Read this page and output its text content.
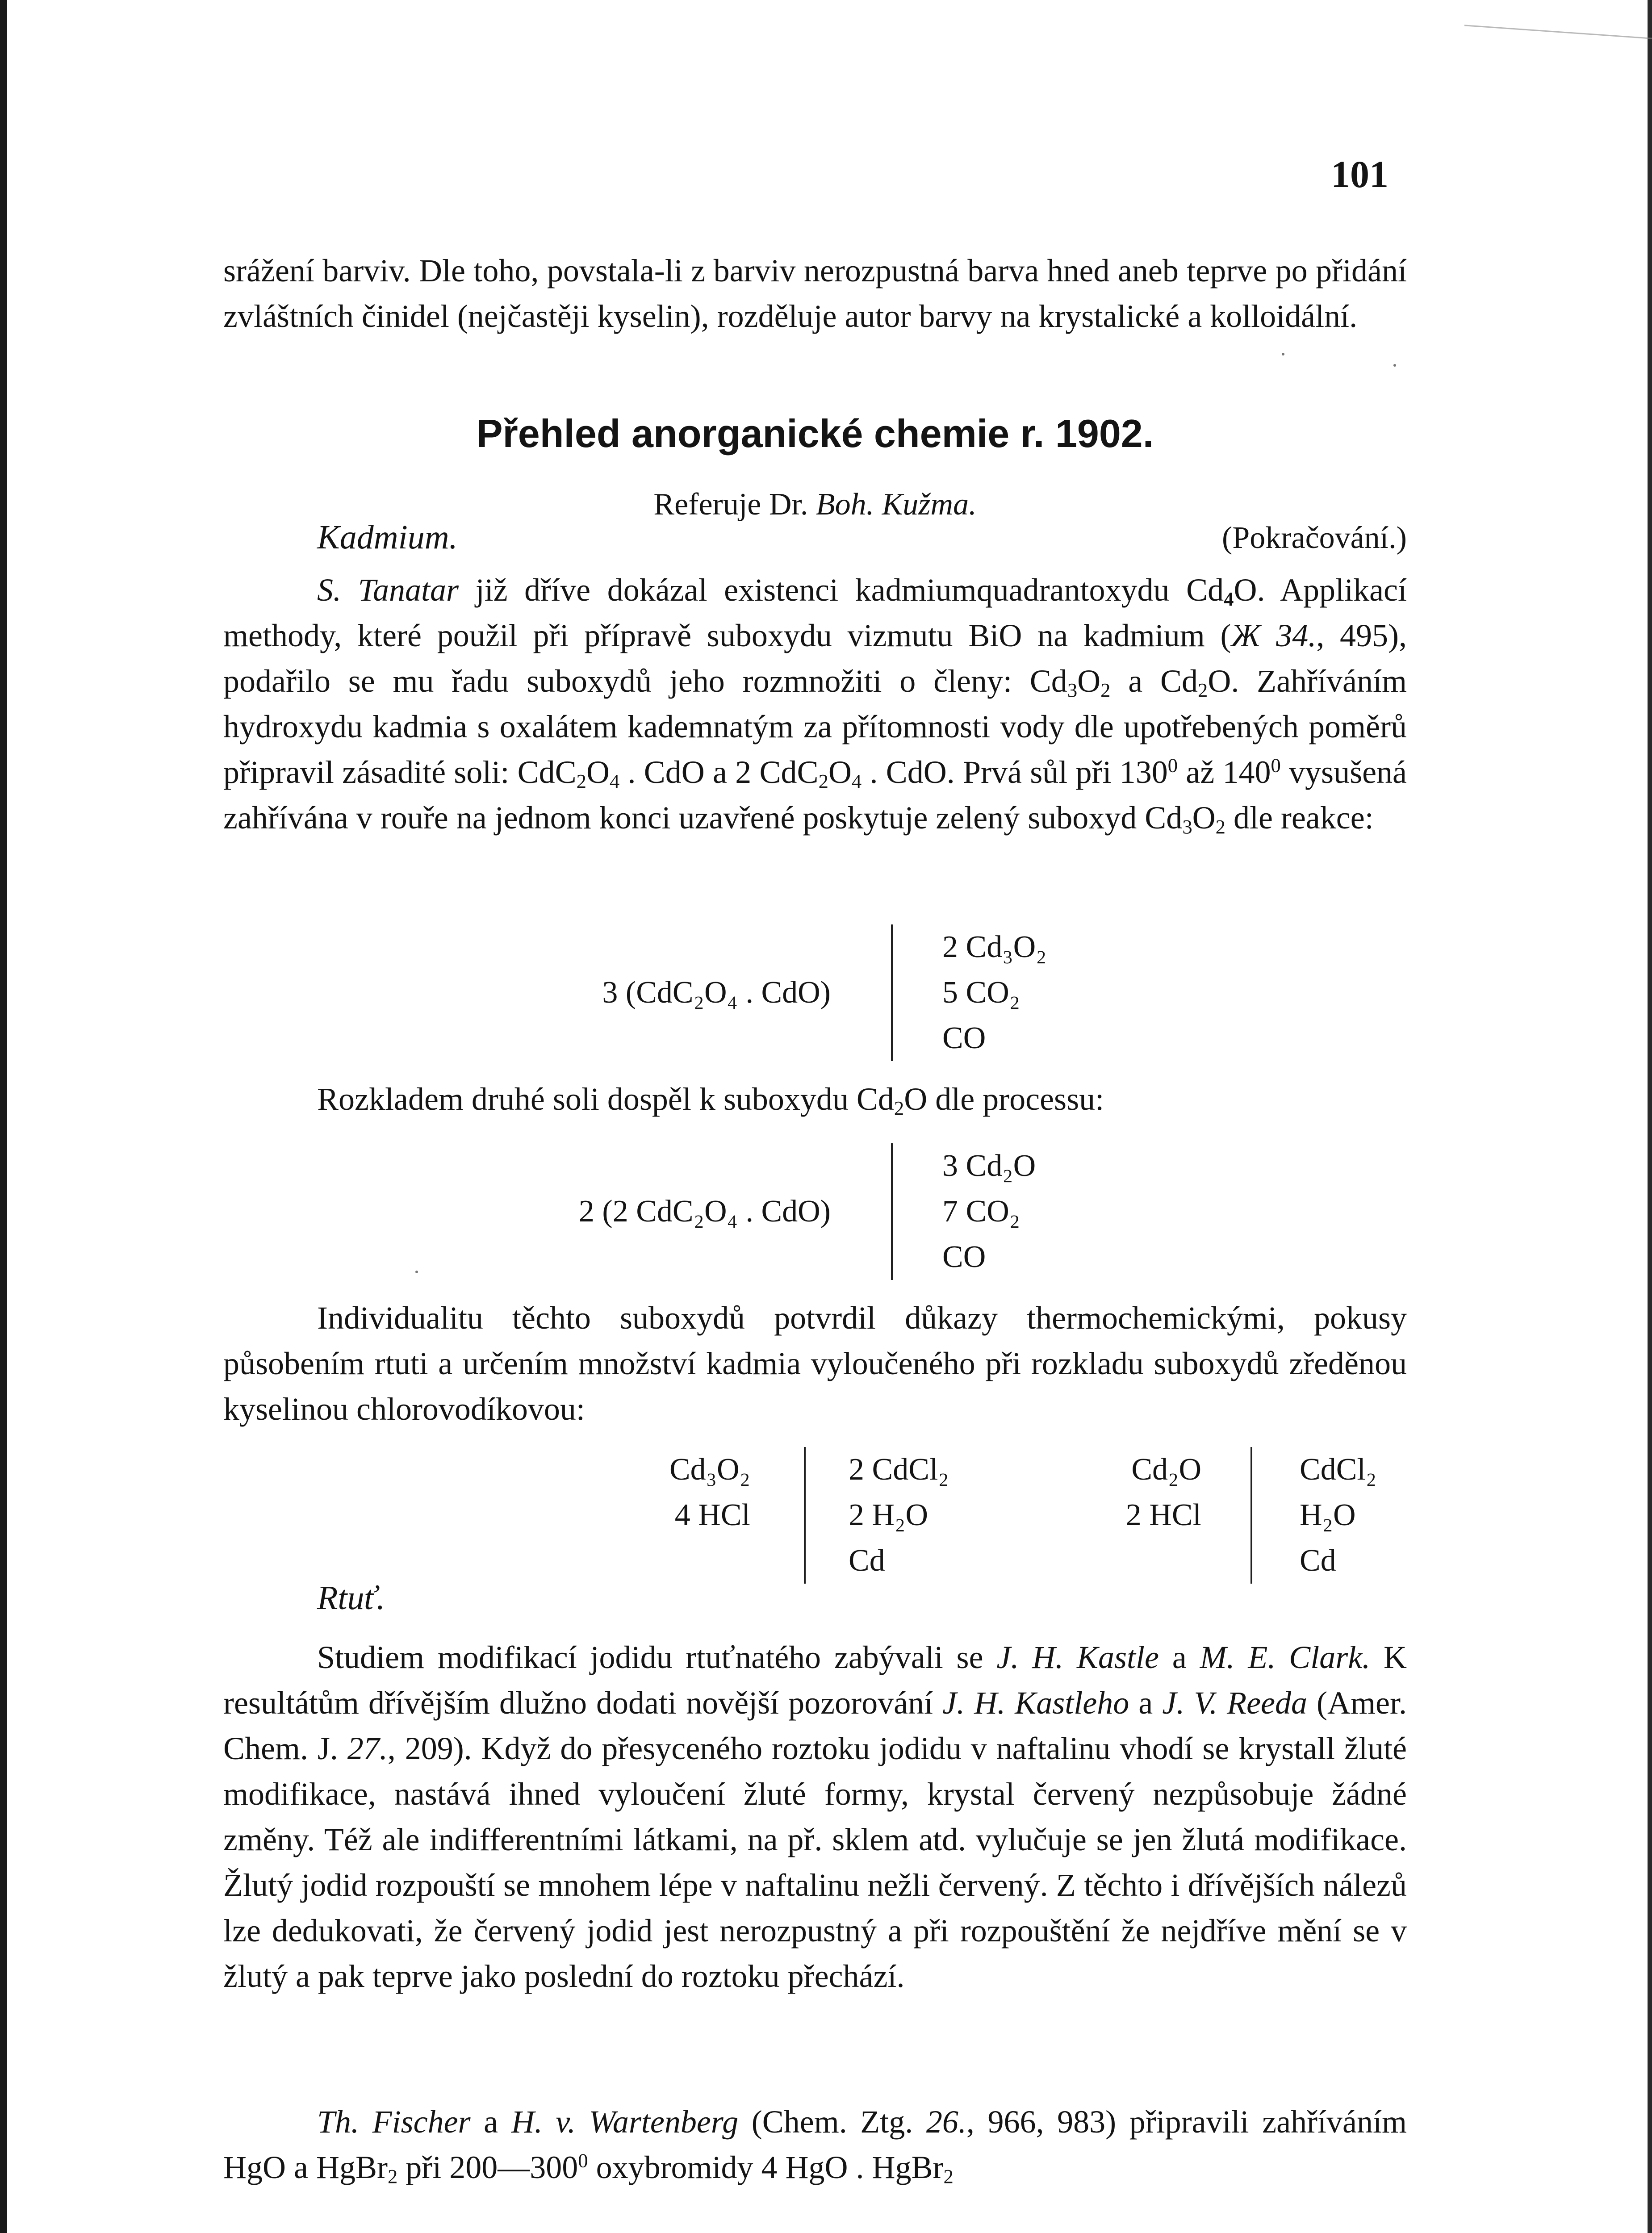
101

srážení barviv. Dle toho, povstala-li z barviv nerozpustná barva hned aneb teprve po přidání zvláštních činidel (nejčastěji kyselin), rozděluje autor barvy na krystalické a kolloidální.

Přehled anorganické chemie r. 1902.
Referuje Dr. Boh. Kužma.
Kadmium.	(Pokračování.)

S. Tanatar již dříve dokázal existenci kadmiumquadrantoxydu $Cd_4O$. Applikací methody, které použil při přípravě suboxydu vizmutu BiO na kadmium (Ж 34., 495), podařilo se mu řadu suboxydů jeho rozmnožiti o členy: $Cd_3O_2$ a $Cd_2O$. Zahříváním hydroxydu kadmia s oxalátem kademnatým za přítomnosti vody dle upotřebených poměrů připravil zásadité soli: $CdC_2O_4$ . CdO a 2 $CdC_2O_4$ . CdO. Prvá sůl při $130^0$ až $140^0$ vysušená zahřívána v rouře na jednom konci uzavřené poskytuje zelený suboxyd $Cd_3O_2$ dle reakce:

3 (CdC₂O₄ . CdO)
2 Cd₃O₂
5 CO₂
CO

Rozkladem druhé soli dospěl k suboxydu $Cd_2O$ dle processu:

2 (2 CdC₂O₄ . CdO)
3 Cd₂O
7 CO₂
CO

Individualitu těchto suboxydů potvrdil důkazy thermochemickými, pokusy působením rtuti a určením množství kadmia vyloučeného při rozkladu suboxydů zředěnou kyselinou chlorovodíkovou:

Cd₃O₂
4 HCl
2 CdCl₂
2 H₂O
Cd
Cd₂O
2 HCl
CdCl₂
H₂O
Cd
Rtuť.

Studiem modifikací jodidu rtuťnatého zabývali se J. H. Kastle a M. E. Clark. K resultátům dřívějším dlužno dodati novější pozorování J. H. Kastleho a J. V. Reeda (Amer. Chem. J. 27., 209). Když do přesyceného roztoku jodidu v naftalinu vhodí se krystall žluté modifikace, nastává ihned vyloučení žluté formy, krystal červený nezpůsobuje žádné změny. Též ale indifferentními látkami, na př. sklem atd. vylučuje se jen žlutá modifikace. Žlutý jodid rozpouští se mnohem lépe v naftalinu nežli červený. Z těchto i dřívějších nálezů lze dedukovati, že červený jodid jest nerozpustný a při rozpouštění že nejdříve mění se v žlutý a pak teprve jako poslední do roztoku přechází.

Th. Fischer a H. v. Wartenberg (Chem. Ztg. 26., 966, 983) připravili zahříváním HgO a HgBr$_2$ při $200—300^0$ oxybromidy 4 HgO . HgBr$_2$
